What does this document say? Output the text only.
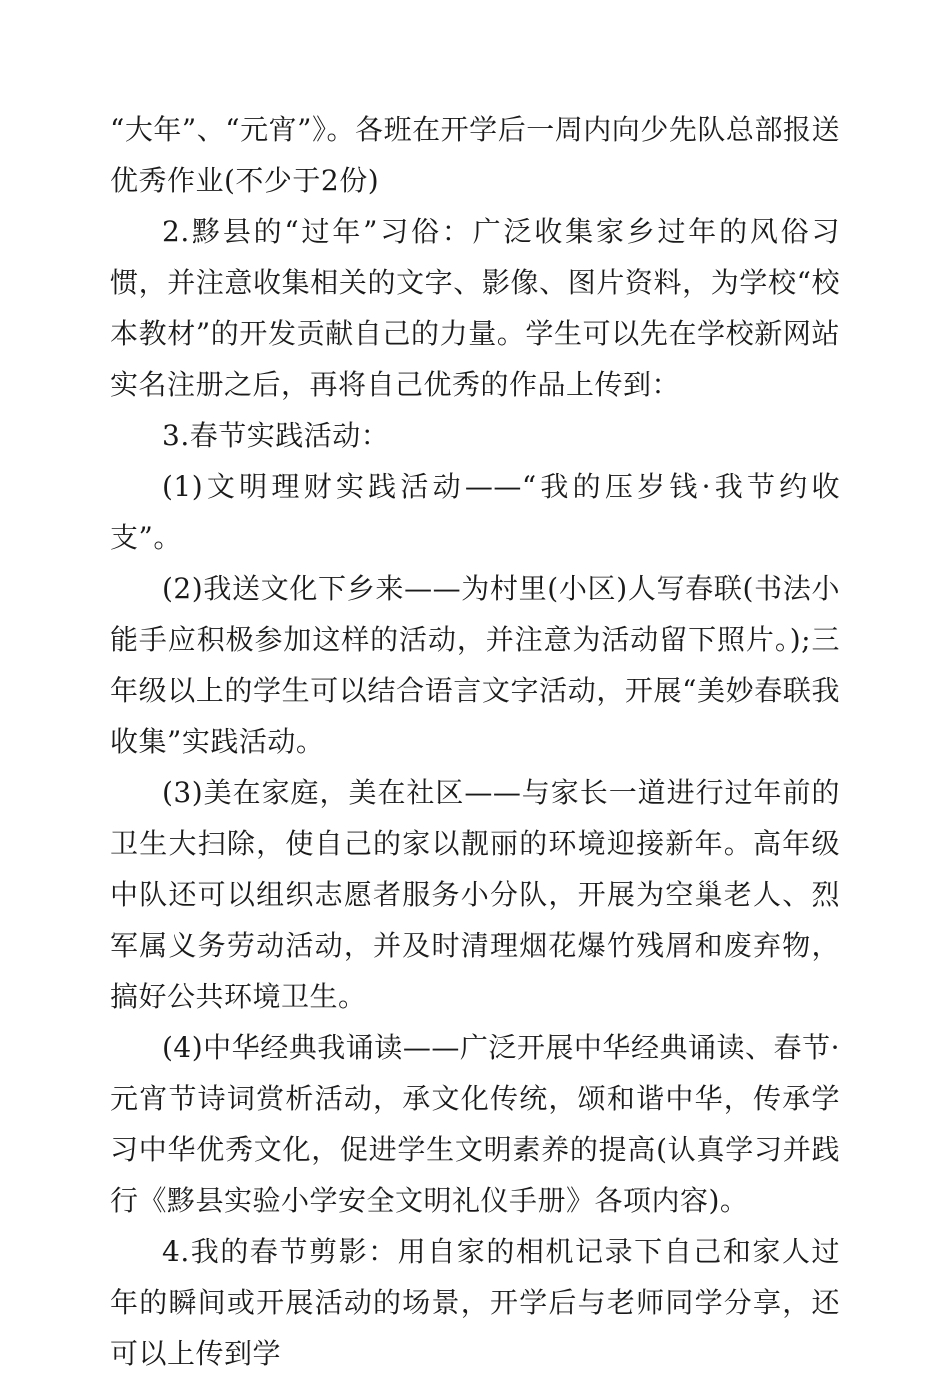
“大年”、“元宵”》。各班在开学后一周内向少先队总部报送优秀作业(不少于2份)

2.黟县的“过年”习俗：广泛收集家乡过年的风俗习惯，并注意收集相关的文字、影像、图片资料，为学校“校本教材”的开发贡献自己的力量。学生可以先在学校新网站实名注册之后，再将自己优秀的作品上传到：

3.春节实践活动：

(1)文明理财实践活动——“我的压岁钱·我节约收支”。

(2)我送文化下乡来——为村里(小区)人写春联(书法小能手应积极参加这样的活动，并注意为活动留下照片。);三年级以上的学生可以结合语言文字活动，开展“美妙春联我收集”实践活动。

(3)美在家庭，美在社区——与家长一道进行过年前的卫生大扫除，使自己的家以靓丽的环境迎接新年。高年级中队还可以组织志愿者服务小分队，开展为空巢老人、烈军属义务劳动活动，并及时清理烟花爆竹残屑和废弃物，搞好公共环境卫生。

(4)中华经典我诵读——广泛开展中华经典诵读、春节·元宵节诗词赏析活动，承文化传统，颂和谐中华，传承学习中华优秀文化，促进学生文明素养的提高(认真学习并践行《黟县实验小学安全文明礼仪手册》各项内容)。

4.我的春节剪影：用自家的相机记录下自己和家人过年的瞬间或开展活动的场景，开学后与老师同学分享，还可以上传到学
